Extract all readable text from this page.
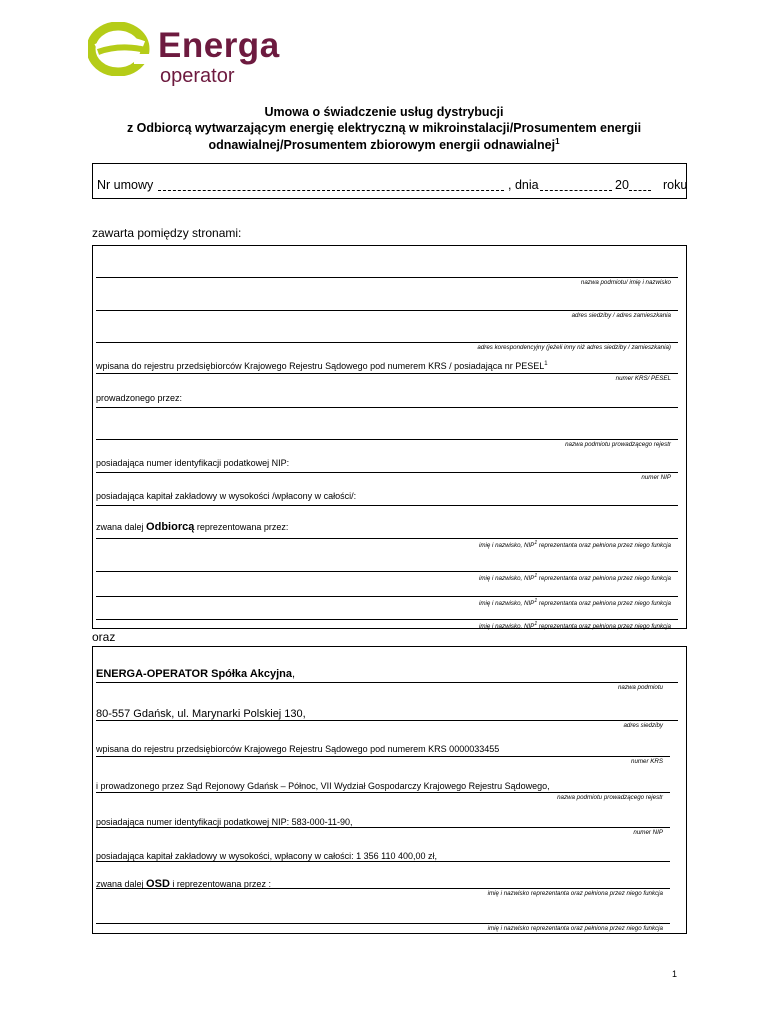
Energa
operator
Umowa o świadczenie usług dystrybucji
z Odbiorcą wytwarzającym energię elektryczną w mikroinstalacji/Prosumentem energii
odnawialnej/Prosumentem zbiorowym energii odnawialnej$^1$
Nr umowy	, dnia	20	roku
zawarta pomiędzy stronami:
nazwa podmiotu/ imię i nazwisko
adres siedziby / adres zamieszkania
adres korespondencyjny (jeżeli inny niż adres siedziby / zamieszkania)
wpisana do rejestru przedsiębiorców Krajowego Rejestru Sądowego pod numerem KRS / posiadająca nr PESEL$^1$
numer KRS/ PESEL
prowadzonego przez:
nazwa podmiotu prowadzącego rejestr
posiadająca numer identyfikacji podatkowej NIP:
numer NIP
posiadająca kapitał zakładowy w wysokości /wpłacony w całości/:
zwana dalej Odbiorcą reprezentowana przez:
imię i nazwisko, NIP$^1$ reprezentanta oraz pełniona przez niego funkcja
imię i nazwisko, NIP$^1$ reprezentanta oraz pełniona przez niego funkcja
imię i nazwisko, NIP$^1$ reprezentanta oraz pełniona przez niego funkcja
imię i nazwisko, NIP$^1$ reprezentanta oraz pełniona przez niego funkcja
oraz
ENERGA-OPERATOR Spółka Akcyjna,
nazwa podmiotu
80-557 Gdańsk, ul. Marynarki Polskiej 130,
adres siedziby
wpisana do rejestru przedsiębiorców Krajowego Rejestru Sądowego pod numerem KRS 0000033455
numer KRS
i prowadzonego przez Sąd Rejonowy Gdańsk – Północ, VII Wydział Gospodarczy Krajowego Rejestru Sądowego,
nazwa podmiotu prowadzącego rejestr
posiadająca numer identyfikacji podatkowej NIP: 583-000-11-90,
numer NIP
posiadająca kapitał zakładowy w wysokości, wpłacony w całości: 1 356 110 400,00 zł,
zwana dalej OSD i reprezentowana przez :
imię i nazwisko reprezentanta oraz pełniona przez niego funkcja
imię i nazwisko reprezentanta oraz pełniona przez niego funkcja
1
